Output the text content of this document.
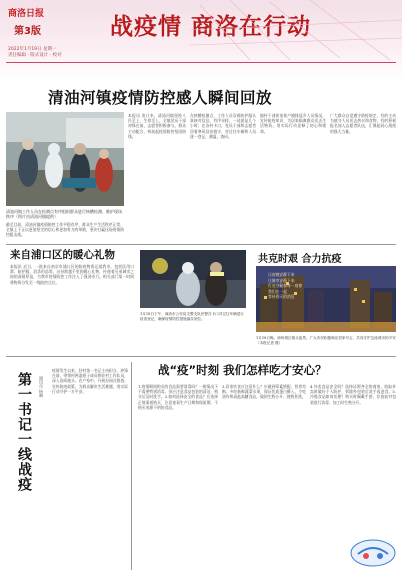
商洛日报
第3版	战疫情 商洛在行动
2022年1月19日 星期一
责任编辑 · 版式设计 · 校对
清油河镇疫情防控感人瞬间回放
清油河镇工作人员在检测点有序组织群众进行核酸检测，维护现场秩序（图片由清油河镇提供）
本报讯 连日来，清油河镇坚持人民至上、生命至上，全镇党员干部冲锋在前，志愿者积极参与，群众主动配合，构筑起疫情防控坚固防线。
在核酸检测点，工作人员穿着防护服认真核对信息、有序采样，一站就是几个小时；在各村卡口，党员干部和志愿者顶着寒风昼夜值守，对过往车辆和人员逐一登记、测温、查码。
镇村干部挨家挨户摸排返乡人员情况，宣传防疫知识，为居家隔离群众送去生活物资，用实际行动诠释了初心和使命。
广大群众自觉遵守防疫规定，有的主动为值守人员送去热水和食物，有的积极报名加入志愿者队伍，汇聚起同心战疫的强大力量。
截至目前，清油河镇疫情防控工作平稳有序，群众生产生活秩序正常，全镇上下正以更加坚定的信心和更加有力的举措，坚决打赢这场疫情防控阻击战。
来自浦口区的暖心礼物
本报讯 近日，一批来自南京市浦口区的防疫物资运抵我市，包括医用口罩、防护服、消杀用品等。这份跨越千里的暖心礼物，传递着兄弟城市之间的深情厚谊，为我市疫情防控工作注入了强劲动力。相关部门第一时间将物资分发至一线防控点位。
1月18日下午，商洛市公安局交警支队民警在卡口对过往车辆进行检查登记，确保疫情防控措施落实到位。
共克时艰 合力抗疫
让夜晚安静下来
让城市安静下来
灯光守候着每一扇窗
我们在一起
等待春天的消息
1月18日晚，商州城区街头夜景。广大市民积极响应居家号召，共同守护这座城市的平安（本报记者 摄）
第一书记一线战疫	通讯员 杨琳
疫情发生以来，驻村第一书记主动担当、冲锋在前，带领村两委班子成员和驻村工作队员，深入田间地头、农户家中，开展拉网式排查，宣传防疫政策，为群众解决生活难题，用实际行动守护一方平安。
战“疫”时刻 我们怎样吃才安心？
1.疫情期间购买的食品需要消毒吗？一般情况下不需要特别消毒，但应注意食品包装的清洁，购买后及时洗手。2.如何选择安全的食品？应选择正规渠道购买，注意查看生产日期和保质期，不购买来源不明的食品。
3.居家饮食应注意什么？应做到荤素搭配、营养均衡，多吃新鲜蔬菜水果，保证优质蛋白摄入，少吃油炸和高盐高糖食品，做到生熟分开、烧熟煮透。
4.外卖食品安全吗？选择证照齐全的商家，收取外卖时做好个人防护，拆除外包装后洗手再进食。5.冷链食品如何处理？购买时佩戴手套，存放前对包装进行消毒，加工时生熟分开。
